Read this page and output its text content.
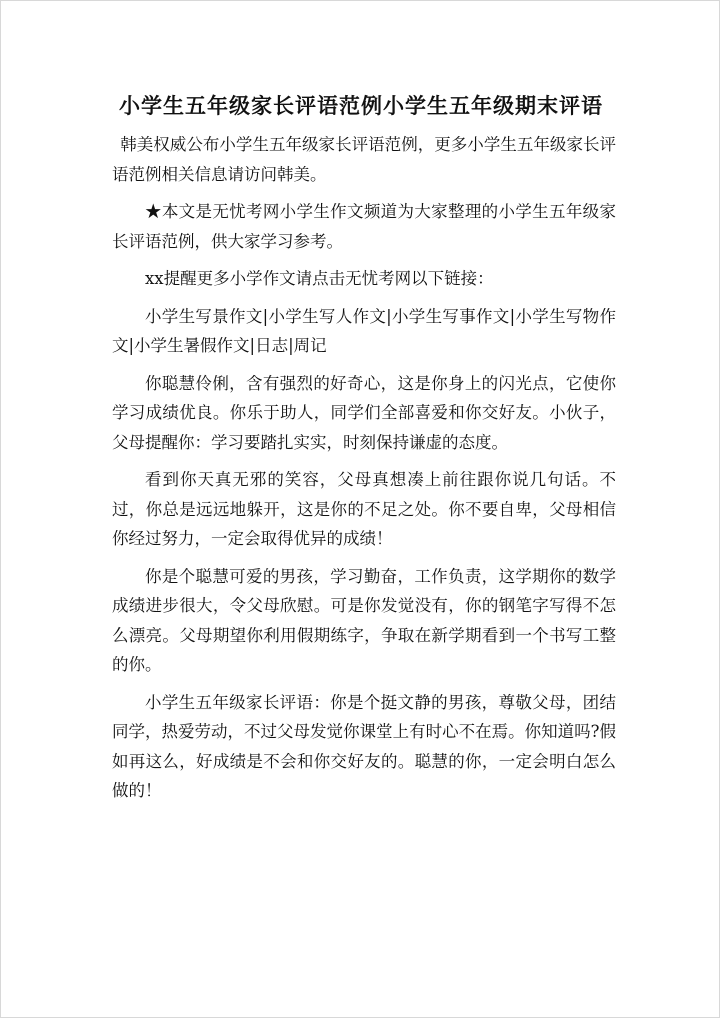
小学生五年级家长评语范例小学生五年级期末评语

韩美权威公布小学生五年级家长评语范例，更多小学生五年级家长评语范例相关信息请访问韩美。

★本文是无忧考网小学生作文频道为大家整理的小学生五年级家长评语范例，供大家学习参考。

xx提醒更多小学作文请点击无忧考网以下链接：

小学生写景作文|小学生写人作文|小学生写事作文|小学生写物作文|小学生暑假作文|日志|周记

你聪慧伶俐，含有强烈的好奇心，这是你身上的闪光点，它使你学习成绩优良。你乐于助人，同学们全部喜爱和你交好友。小伙子，父母提醒你：学习要踏扎实实，时刻保持谦虚的态度。

看到你天真无邪的笑容，父母真想凑上前往跟你说几句话。不过，你总是远远地躲开，这是你的不足之处。你不要自卑，父母相信你经过努力，一定会取得优异的成绩！

你是个聪慧可爱的男孩，学习勤奋，工作负责，这学期你的数学成绩进步很大，令父母欣慰。可是你发觉没有，你的钢笔字写得不怎么漂亮。父母期望你利用假期练字，争取在新学期看到一个书写工整的你。

小学生五年级家长评语：你是个挺文静的男孩，尊敬父母，团结同学，热爱劳动，不过父母发觉你课堂上有时心不在焉。你知道吗?假如再这么，好成绩是不会和你交好友的。聪慧的你，一定会明白怎么做的！
